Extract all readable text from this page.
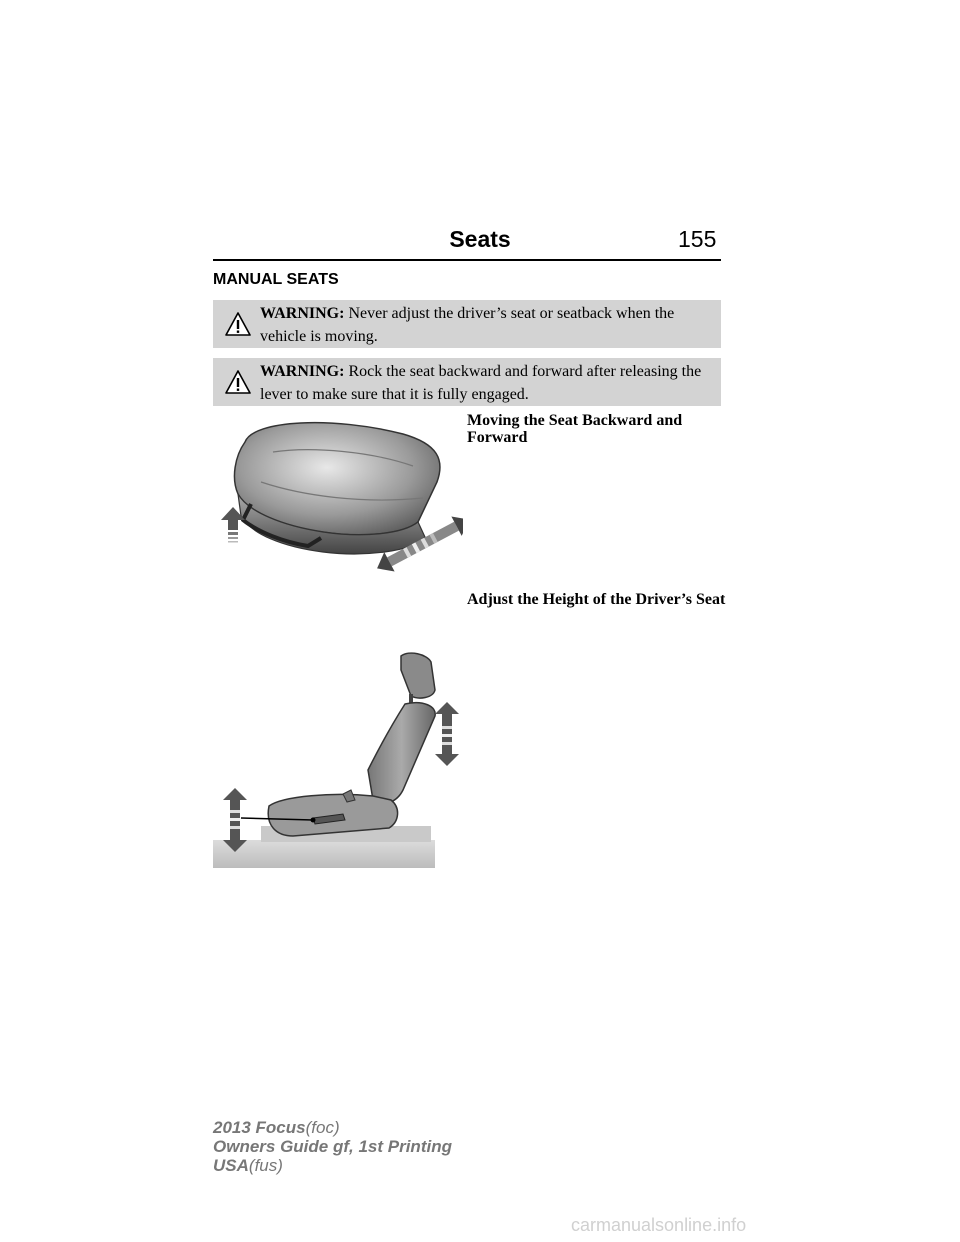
Seats	155
MANUAL SEATS
WARNING: Never adjust the driver’s seat or seatback when the vehicle is moving.
WARNING: Rock the seat backward and forward after releasing the lever to make sure that it is fully engaged.
Moving the Seat Backward and Forward
Adjust the Height of the Driver’s Seat
2013 Focus(foc)
Owners Guide gf, 1st Printing
USA(fus)
carmanualsonline.info
